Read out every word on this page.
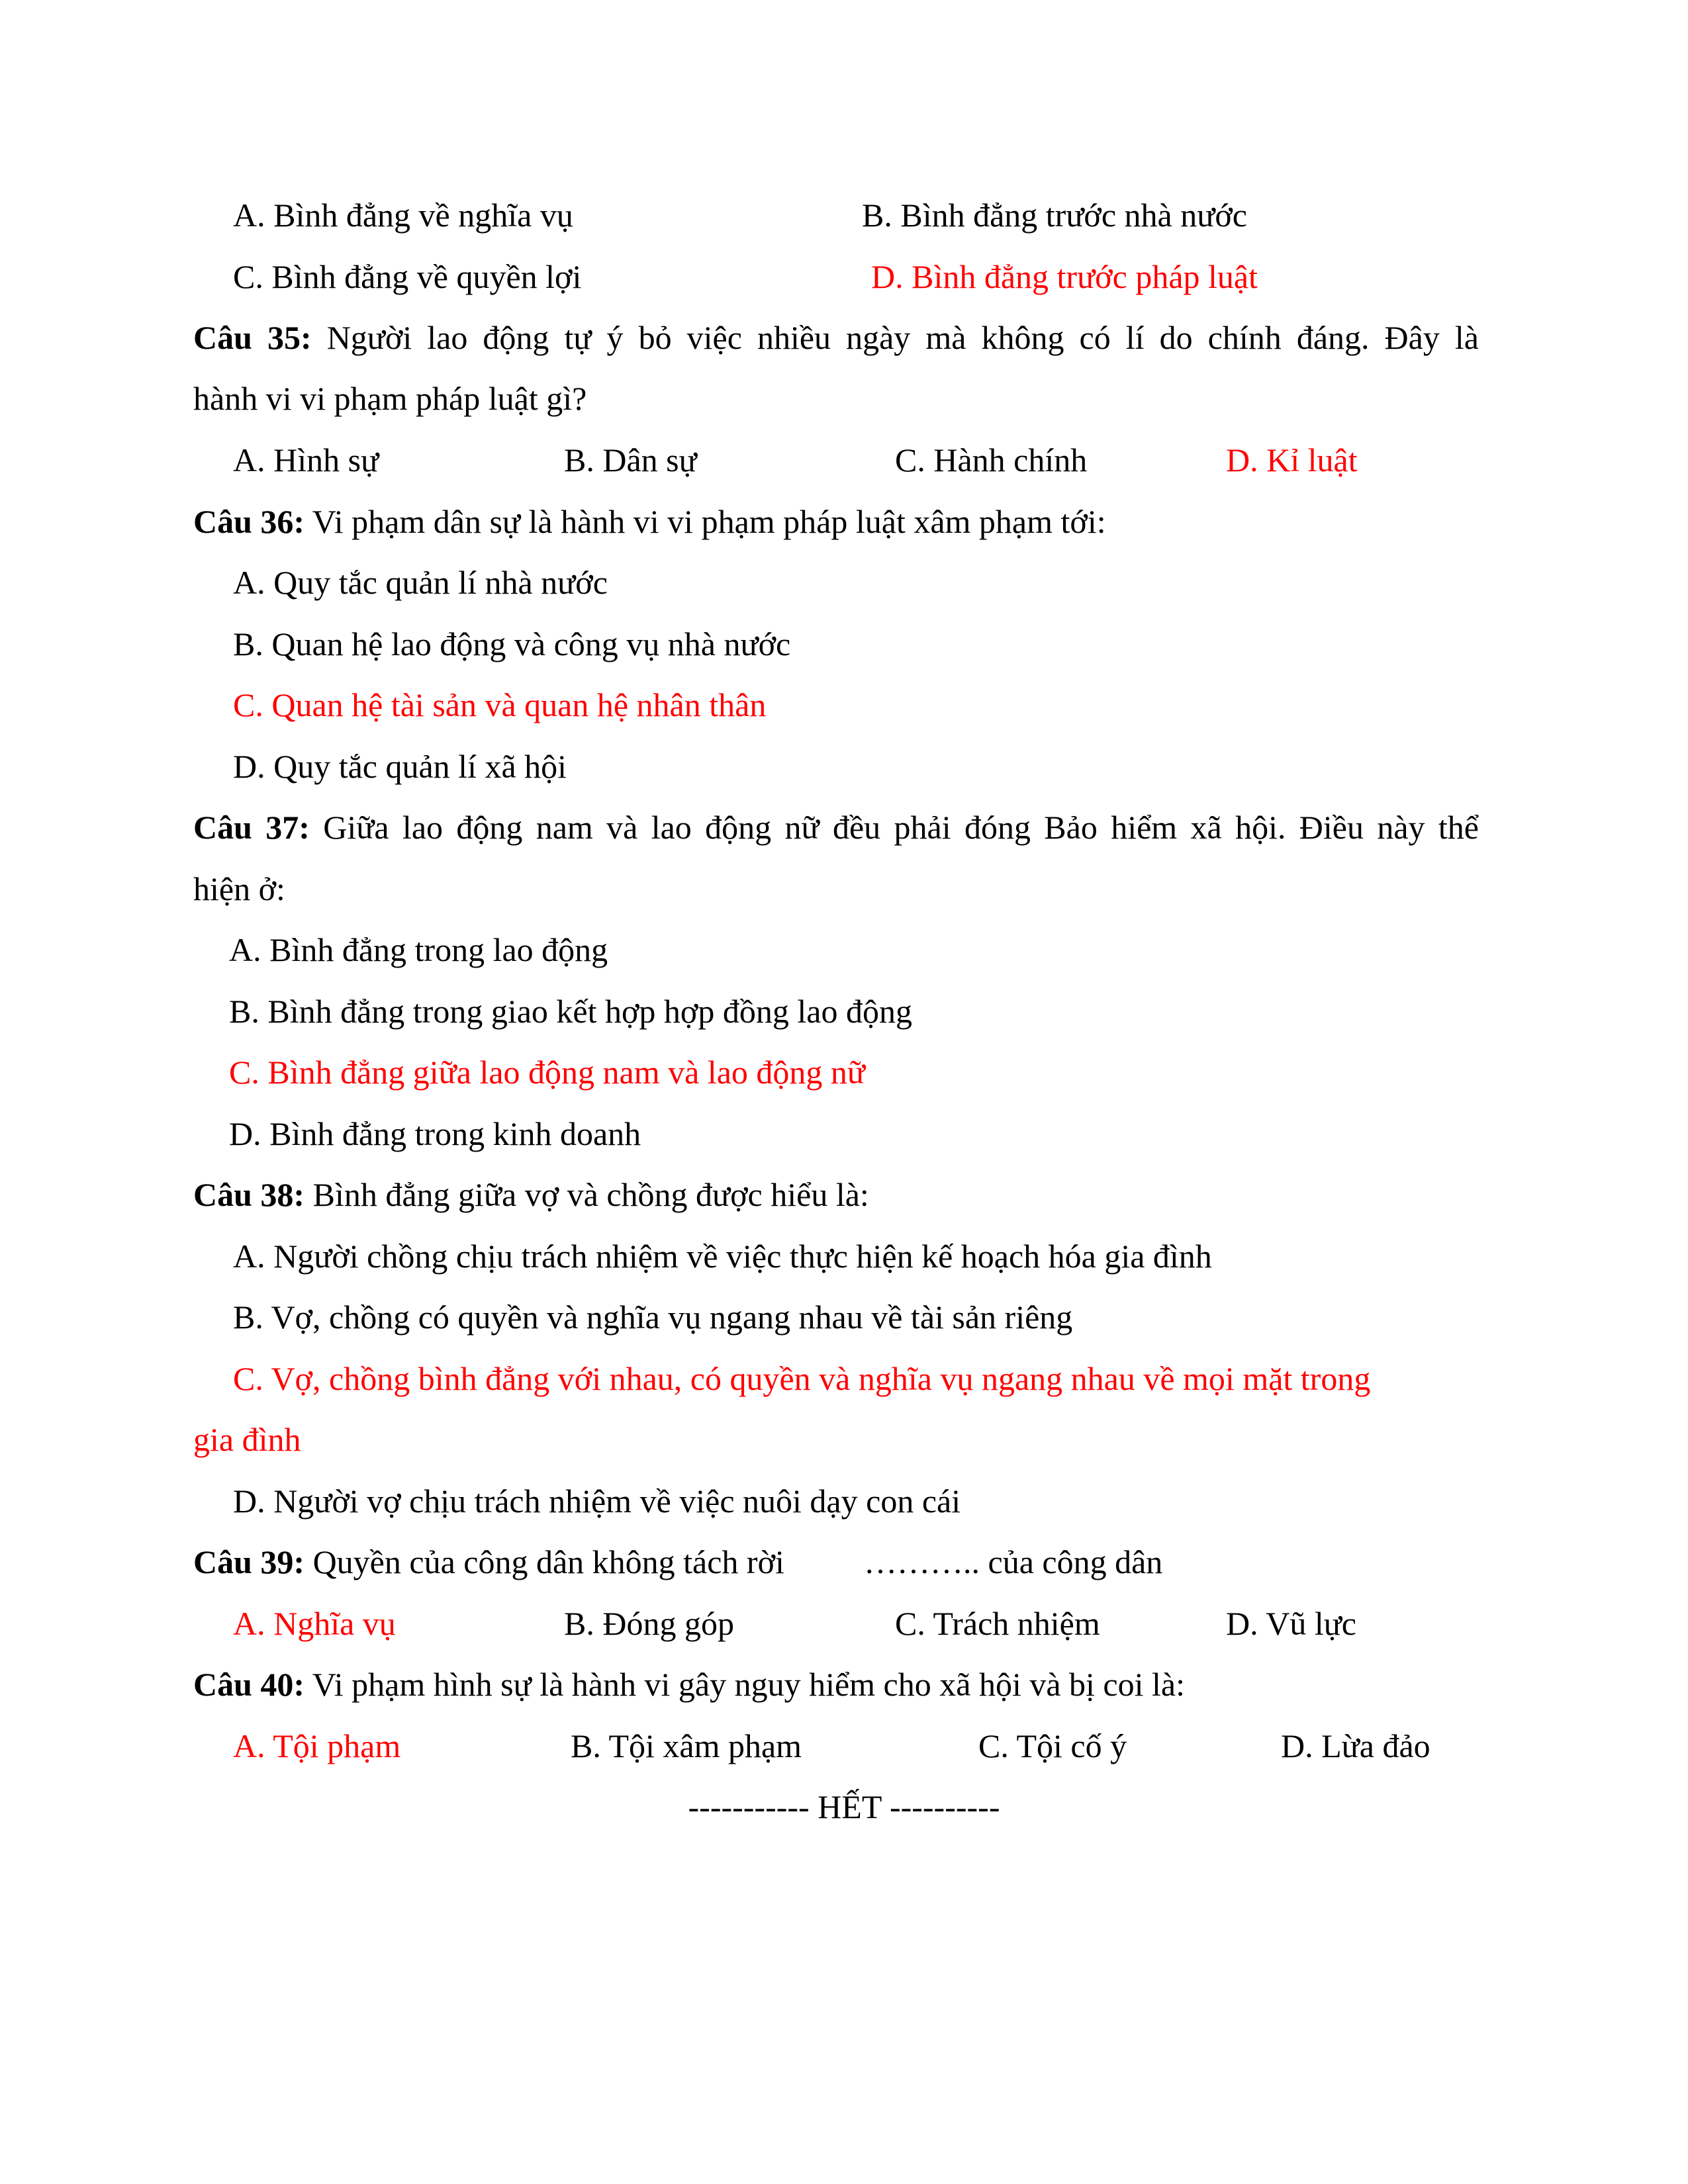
A. Bình đẳng về nghĩa vụ	B. Bình đẳng trước nhà nước
C. Bình đẳng về quyền lợi	D. Bình đẳng trước pháp luật
Câu 35: Người lao động tự ý bỏ việc nhiều ngày mà không có lí do chính đáng. Đây là
hành vi vi phạm pháp luật gì?
A. Hình sự	B. Dân sự	C. Hành chính	D. Kỉ luật
Câu 36: Vi phạm dân sự là hành vi vi phạm pháp luật xâm phạm tới:
A. Quy tắc quản lí nhà nước
B. Quan hệ lao động và công vụ nhà nước
C. Quan hệ tài sản và quan hệ nhân thân
D. Quy tắc quản lí xã hội
Câu 37: Giữa lao động nam và lao động nữ đều phải đóng Bảo hiểm xã hội. Điều này thể
hiện ở:
A. Bình đẳng trong lao động
B. Bình đẳng trong giao kết hợp hợp đồng lao động
C. Bình đẳng giữa lao động nam và lao động nữ
D. Bình đẳng trong kinh doanh
Câu 38: Bình đẳng giữa vợ và chồng được hiểu là:
A. Người chồng chịu trách nhiệm về việc thực hiện kế hoạch hóa gia đình
B. Vợ, chồng có quyền và nghĩa vụ ngang nhau về tài sản riêng
C. Vợ, chồng bình đẳng với nhau, có quyền và nghĩa vụ ngang nhau về mọi mặt trong
gia đình
D. Người vợ chịu trách nhiệm về việc nuôi dạy con cái
Câu 39: Quyền của công dân không tách rời ……….. của công dân
A. Nghĩa vụ	B. Đóng góp	C. Trách nhiệm	D. Vũ lực
Câu 40: Vi phạm hình sự là hành vi gây nguy hiểm cho xã hội và bị coi là:
A. Tội phạm	B. Tội xâm phạm	C. Tội cố ý	D. Lừa đảo
----------- HẾT ----------
